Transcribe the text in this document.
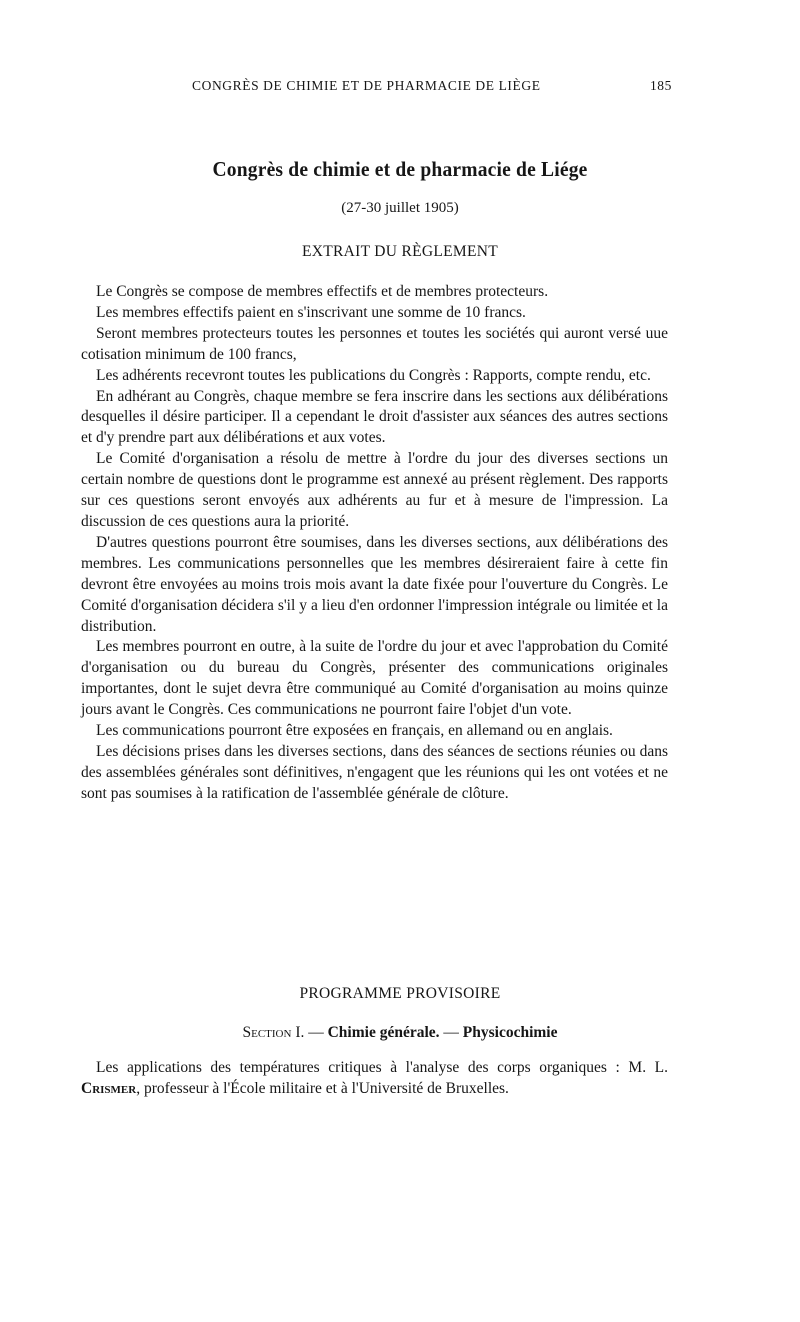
CONGRÈS DE CHIMIE ET DE PHARMACIE DE LIÈGE	185
Congrès de chimie et de pharmacie de Liége
(27-30 juillet 1905)
EXTRAIT DU RÈGLEMENT

Le Congrès se compose de membres effectifs et de membres protecteurs.

Les membres effectifs paient en s'inscrivant une somme de 10 francs.

Seront membres protecteurs toutes les personnes et toutes les sociétés qui auront versé uue cotisation minimum de 100 francs,

Les adhérents recevront toutes les publications du Congrès : Rapports, compte rendu, etc.

En adhérant au Congrès, chaque membre se fera inscrire dans les sections aux délibérations desquelles il désire participer. Il a cependant le droit d'assister aux séances des autres sections et d'y prendre part aux délibérations et aux votes.

Le Comité d'organisation a résolu de mettre à l'ordre du jour des diverses sections un certain nombre de questions dont le programme est annexé au présent règlement. Des rapports sur ces questions seront envoyés aux adhérents au fur et à mesure de l'impression. La discussion de ces questions aura la priorité.

D'autres questions pourront être soumises, dans les diverses sections, aux délibérations des membres. Les communications personnelles que les membres désireraient faire à cette fin devront être envoyées au moins trois mois avant la date fixée pour l'ouverture du Congrès. Le Comité d'organisation décidera s'il y a lieu d'en ordonner l'impression intégrale ou limitée et la distribution.

Les membres pourront en outre, à la suite de l'ordre du jour et avec l'approbation du Comité d'organisation ou du bureau du Congrès, présenter des communications originales importantes, dont le sujet devra être communiqué au Comité d'organisation au moins quinze jours avant le Congrès. Ces communications ne pourront faire l'objet d'un vote.

Les communications pourront être exposées en français, en allemand ou en anglais.

Les décisions prises dans les diverses sections, dans des séances de sections réunies ou dans des assemblées générales sont définitives, n'engagent que les réunions qui les ont votées et ne sont pas soumises à la ratification de l'assemblée générale de clôture.

PROGRAMME PROVISOIRE
Section I. — Chimie générale. — Physicochimie

Les applications des températures critiques à l'analyse des corps organiques : M. L. Crismer, professeur à l'École militaire et à l'Université de Bruxelles.
